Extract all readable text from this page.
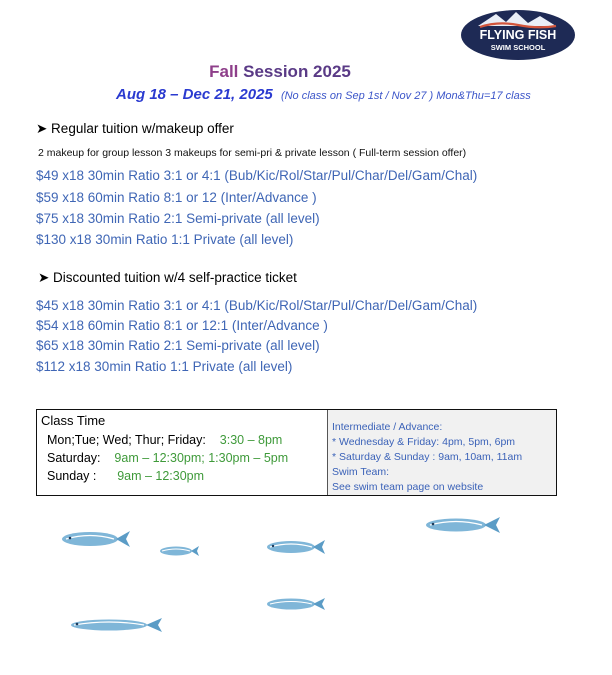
FLYING FISH
SWIM SCHOOL
Fall Session 2025
Aug 18 – Dec 21, 2025 (No class on Sep 1st / Nov 27 ) Mon&Thu=17 class
➤ Regular tuition w/makeup offer
2 makeup for group lesson 3 makeups for semi-pri & private lesson ( Full-term session offer)
$49 x18 30min Ratio 3:1 or 4:1 (Bub/Kic/Rol/Star/Pul/Char/Del/Gam/Chal)
$59 x18 60min Ratio 8:1 or 12 (Inter/Advance )
$75 x18 30min Ratio 2:1 Semi-private (all level)
$130 x18 30min Ratio 1:1 Private (all level)
➤ Discounted tuition w/4 self-practice ticket
$45 x18 30min Ratio 3:1 or 4:1 (Bub/Kic/Rol/Star/Pul/Char/Del/Gam/Chal)
$54 x18 60min Ratio 8:1 or 12:1 (Inter/Advance )
$65 x18 30min Ratio 2:1 Semi-private (all level)
$112 x18 30min Ratio 1:1 Private (all level)
Class Time
Mon;Tue; Wed; Thur; Friday: 3:30 – 8pm
Saturday: 9am – 12:30pm; 1:30pm – 5pm
Sunday : 9am – 12:30pm
Intermediate / Advance:
* Wednesday & Friday: 4pm, 5pm, 6pm
* Saturday & Sunday : 9am, 10am, 11am
Swim Team:
See swim team page on website
